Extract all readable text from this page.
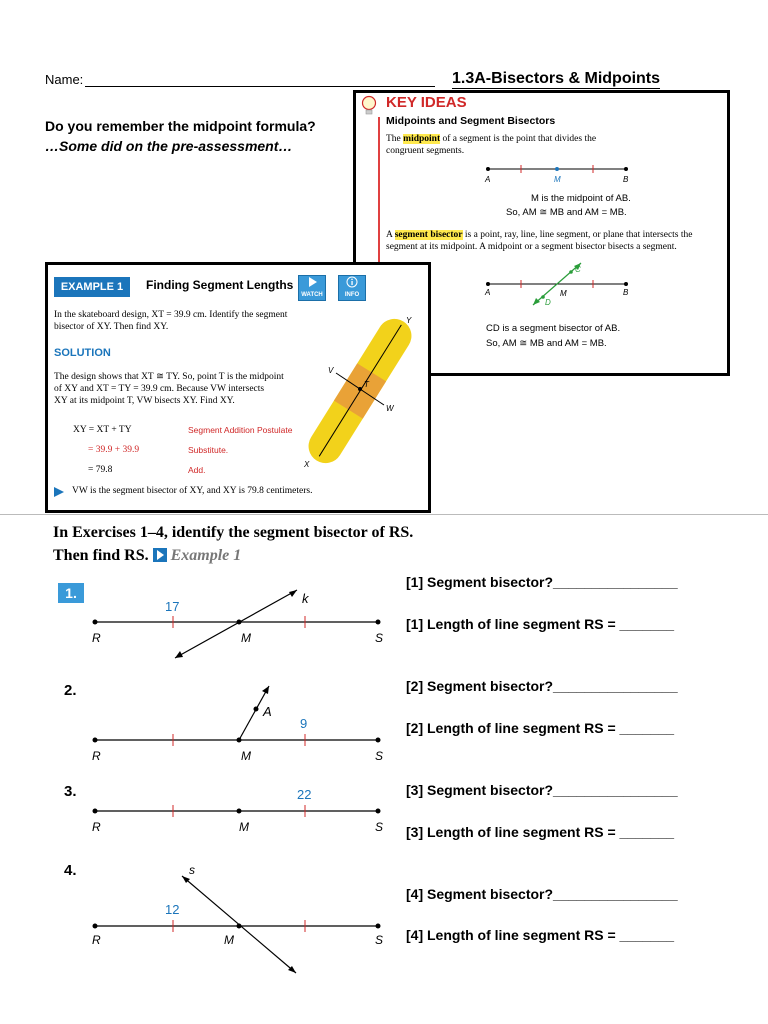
Name:	1.3A-Bisectors & Midpoints
Do you remember the midpoint formula?
…Some did on the pre-assessment…
KEY IDEAS
Midpoints and Segment Bisectors
The midpoint of a segment is the point that divides the
congruent segments.
A	M	B
M is the midpoint of AB.
So, AM ≅ MB and AM = MB.
A segment bisector is a point, ray, line, line segment, or plane that intersects the
segment at its midpoint. A midpoint or a segment bisector bisects a segment.
A	M	B
C
D
CD is a segment bisector of AB.
So, AM ≅ MB and AM = MB.
EXAMPLE 1	Finding Segment Lengths

WATCH	INFO
In the skateboard design, XT = 39.9 cm. Identify the segment
bisector of XY. Then find XY.
SOLUTION
The design shows that XT ≅ TY. So, point T is the midpoint
of XY and XT = TY = 39.9 cm. Because VW intersects
XY at its midpoint T, VW bisects XY. Find XY.
XY = XT + TY	Segment Addition Postulate
= 39.9 + 39.9	Substitute.
= 79.8	Add.
VW is the segment bisector of XY, and XY is 79.8 centimeters.
Y
V
T
W
X
In Exercises 1–4, identify the segment bisector of RS.
Then find RS. Example 1
1.
17
k
R	M	S
[1] Segment bisector?________________
[1] Length of line segment RS = _______
2.
9
A
R	M	S
[2] Segment bisector?________________
[2] Length of line segment RS = _______
3.	22
R	M	S
[3] Segment bisector?________________
[3] Length of line segment RS = _______
4.
12
s
R	M	S
[4] Segment bisector?________________
[4] Length of line segment RS = _______
